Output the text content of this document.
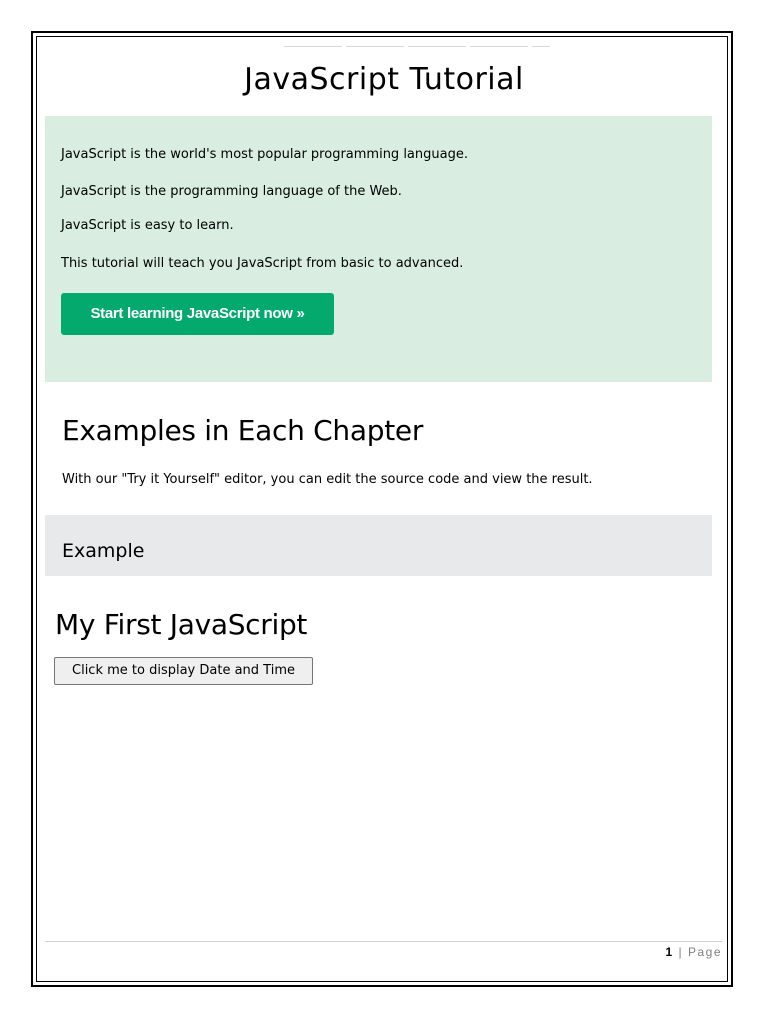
JavaScript Tutorial
JavaScript is the world's most popular programming language.
JavaScript is the programming language of the Web.
JavaScript is easy to learn.
This tutorial will teach you JavaScript from basic to advanced.
Start learning JavaScript now »
Examples in Each Chapter
With our "Try it Yourself" editor, you can edit the source code and view the result.
Example
My First JavaScript
Click me to display Date and Time
1 | Page
